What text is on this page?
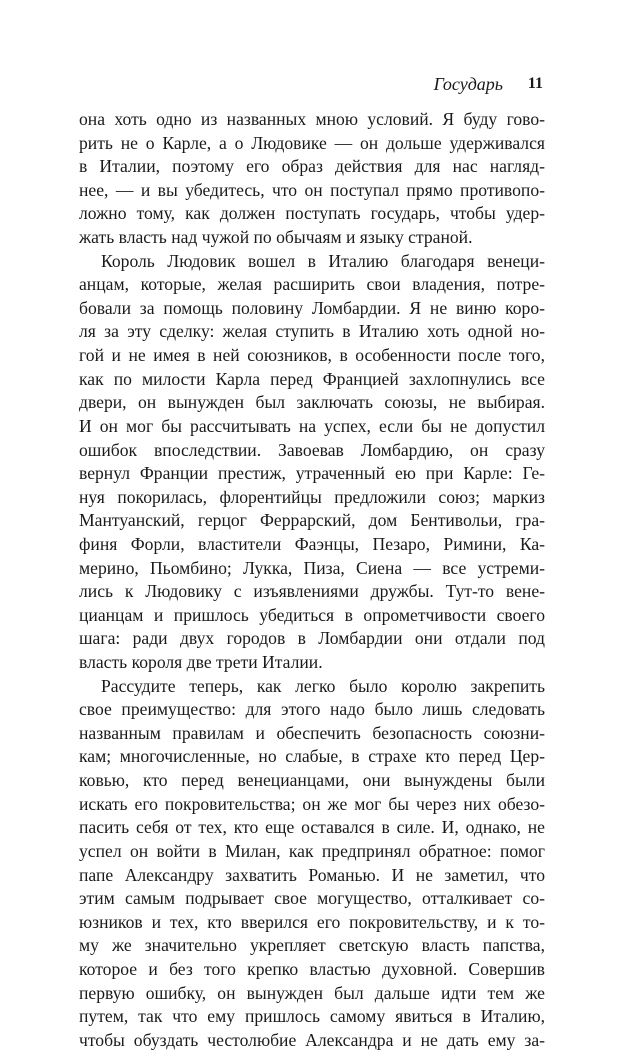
Государь 11
она хоть одно из названных мною условий. Я буду гово-
рить не о Карле, а о Людовике — он дольше удерживался
в Италии, поэтому его образ действия для нас нагляд-
нее, — и вы убедитесь, что он поступал прямо противопо-
ложно тому, как должен поступать государь, чтобы удер-
жать власть над чужой по обычаям и языку страной.
Король Людовик вошел в Италию благодаря венеци-
анцам, которые, желая расширить свои владения, потре-
бовали за помощь половину Ломбардии. Я не виню коро-
ля за эту сделку: желая ступить в Италию хоть одной но-
гой и не имея в ней союзников, в особенности после того,
как по милости Карла перед Францией захлопнулись все
двери, он вынужден был заключать союзы, не выбирая.
И он мог бы рассчитывать на успех, если бы не допустил
ошибок впоследствии. Завоевав Ломбардию, он сразу
вернул Франции престиж, утраченный ею при Карле: Ге-
нуя покорилась, флорентийцы предложили союз; маркиз
Мантуанский, герцог Феррарский, дом Бентивольи, гра-
финя Форли, властители Фаэнцы, Пезаро, Римини, Ка-
мерино, Пьомбино; Лукка, Пиза, Сиена — все устреми-
лись к Людовику с изъявлениями дружбы. Тут-то вене-
цианцам и пришлось убедиться в опрометчивости своего
шага: ради двух городов в Ломбардии они отдали под
власть короля две трети Италии.
Рассудите теперь, как легко было королю закрепить
свое преимущество: для этого надо было лишь следовать
названным правилам и обеспечить безопасность союзни-
кам; многочисленные, но слабые, в страхе кто перед Цер-
ковью, кто перед венецианцами, они вынуждены были
искать его покровительства; он же мог бы через них обезо-
пасить себя от тех, кто еще оставался в силе. И, однако, не
успел он войти в Милан, как предпринял обратное: помог
папе Александру захватить Романью. И не заметил, что
этим самым подрывает свое могущество, отталкивает со-
юзников и тех, кто вверился его покровительству, и к то-
му же значительно укрепляет светскую власть папства,
которое и без того крепко властью духовной. Совершив
первую ошибку, он вынужден был дальше идти тем же
путем, так что ему пришлось самому явиться в Италию,
чтобы обуздать честолюбие Александра и не дать ему за-
